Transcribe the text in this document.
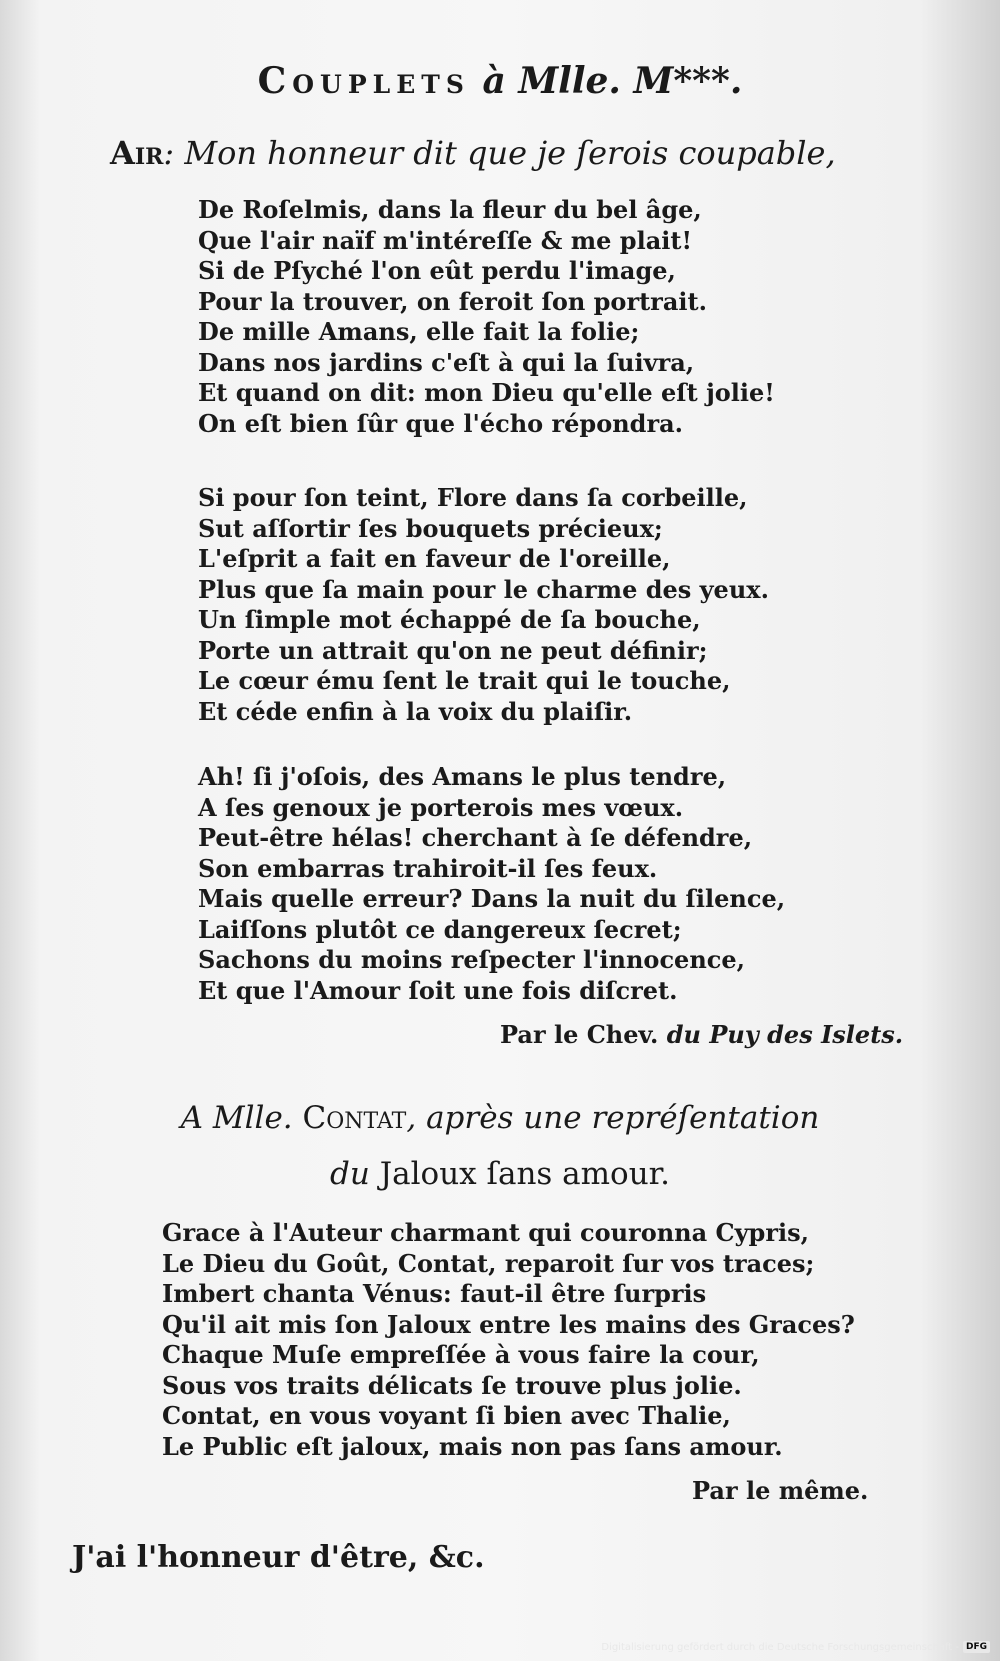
Couplets à Mlle. M***.
Air: Mon honneur dit que je ſerois coupable,
De Roſelmis, dans la fleur du bel âge,
Que l'air naïf m'intéreſſe & me plait!
Si de Pſyché l'on eût perdu l'image,
Pour la trouver, on feroit ſon portrait.
De mille Amans, elle fait la folie;
Dans nos jardins c'eſt à qui la ſuivra,
Et quand on dit: mon Dieu qu'elle eſt jolie!
On eſt bien ſûr que l'écho répondra.
Si pour ſon teint, Flore dans ſa corbeille,
Sut aſſortir ſes bouquets précieux;
L'eſprit a fait en faveur de l'oreille,
Plus que ſa main pour le charme des yeux.
Un ſimple mot échappé de ſa bouche,
Porte un attrait qu'on ne peut définir;
Le cœur ému ſent le trait qui le touche,
Et céde enfin à la voix du plaiſir.
Ah! ſi j'oſois, des Amans le plus tendre,
A ſes genoux je porterois mes vœux.
Peut-être hélas! cherchant à ſe défendre,
Son embarras trahiroit-il ſes feux.
Mais quelle erreur? Dans la nuit du ſilence,
Laiſſons plutôt ce dangereux ſecret;
Sachons du moins reſpecter l'innocence,
Et que l'Amour ſoit une fois diſcret.
Par le Chev. du Puy des Islets.
A Mlle. Contat, après une repréſentation
du Jaloux ſans amour.
Grace à l'Auteur charmant qui couronna Cypris,
Le Dieu du Goût, Contat, reparoit ſur vos traces;
Imbert chanta Vénus: faut-il être ſurpris
Qu'il ait mis ſon Jaloux entre les mains des Graces?
Chaque Muſe empreſſée à vous faire la cour,
Sous vos traits délicats ſe trouve plus jolie.
Contat, en vous voyant ſi bien avec Thalie,
Le Public eſt jaloux, mais non pas ſans amour.
Par le même.
J'ai l'honneur d'être, &c.
Digitalisierung gefördert durch die Deutsche Forschungsgemeinschaft - DFG
